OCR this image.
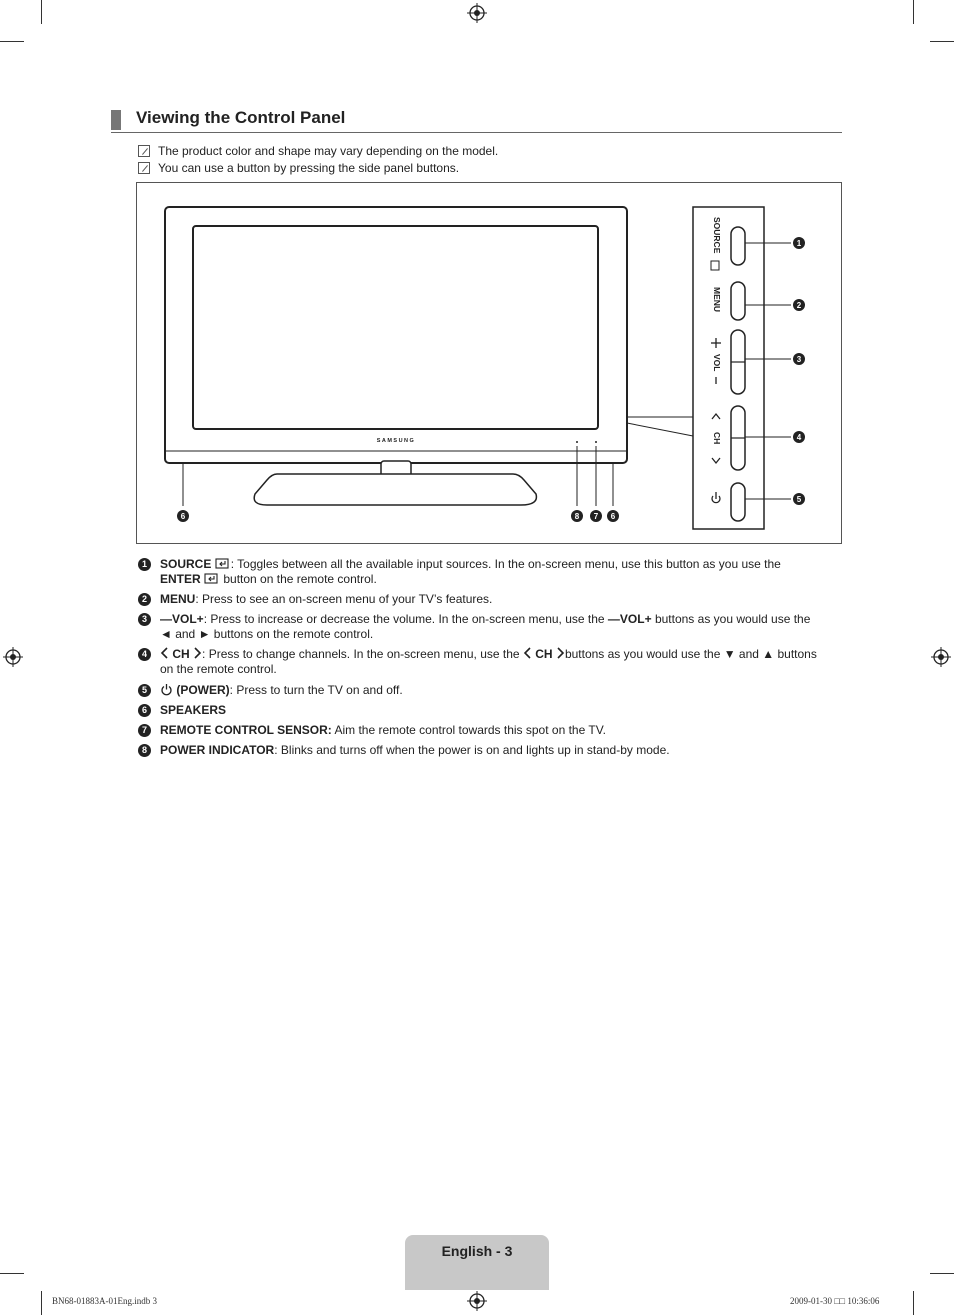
Viewing the Control Panel
The product color and shape may vary depending on the model.
You can use a button by pressing the side panel buttons.
SAMSUNG
SOURCE
MENU
VOL
CH
1
2
3
4
5
6	8 7 6
1	SOURCE : Toggles between all the available input sources. In the on-screen menu, use this button as you use the
ENTER  button on the remote control.
2	MENU: Press to see an on-screen menu of your TV’s features.
3	—VOL+: Press to increase or decrease the volume. In the on-screen menu, use the —VOL+ buttons as you would use the
◄ and ► buttons on the remote control.
4	CH : Press to change channels. In the on-screen menu, use the CH buttons as you would use the ▼ and ▲ buttons
on the remote control.
5	(POWER): Press to turn the TV on and off.
6	SPEAKERS
7	REMOTE CONTROL SENSOR: Aim the remote control towards this spot on the TV.
8	POWER INDICATOR: Blinks and turns off when the power is on and lights up in stand-by mode.
English - 3
BN68-01883A-01Eng.indb 3	2009-01-30 □□ 10:36:06
